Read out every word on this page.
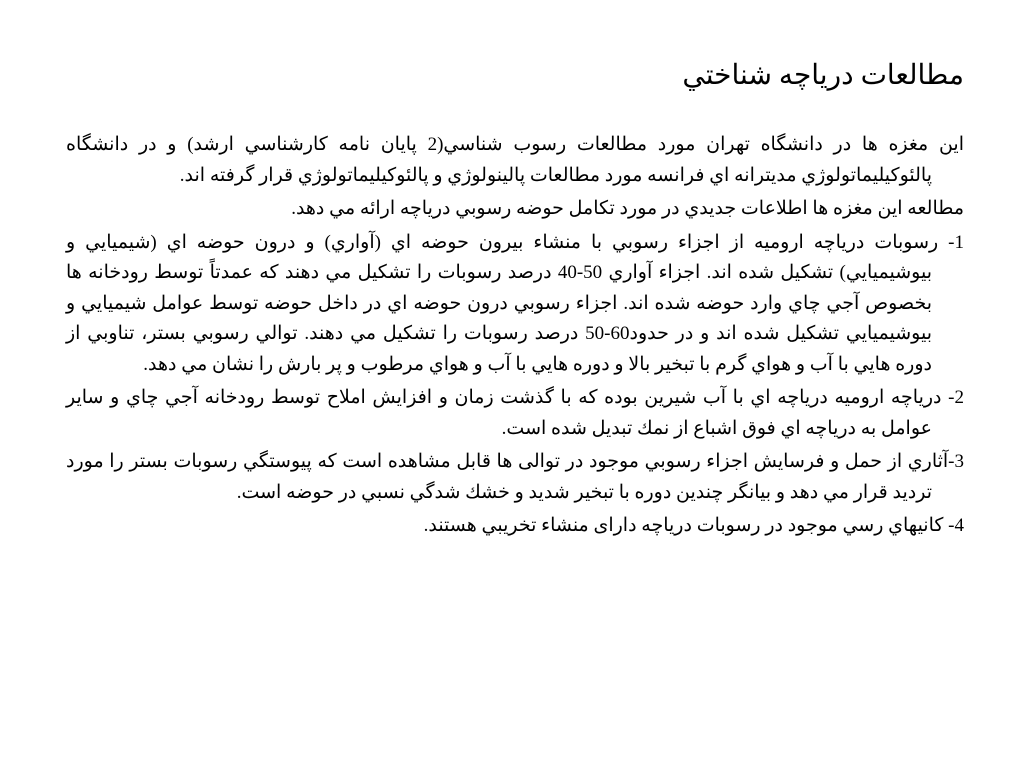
مطالعات درياچه شناختي

اين مغزه ها در دانشگاه تهران مورد مطالعات رسوب شناسي(2 پايان نامه كارشناسي ارشد) و در دانشگاه پالئوكيليماتولوژي مديترانه اي فرانسه مورد مطالعات پالينولوژي و پالئوكيليماتولوژي قرار گرفته اند.

مطالعه اين مغزه ها اطلاعات جديدي در مورد تكامل حوضه رسوبي درياچه ارائه مي دهد.

1- رسوبات درياچه اروميه از اجزاء رسوبي با منشاء بيرون حوضه اي (آواري) و درون حوضه اي (شيميايي و بيوشيميايي) تشكيل شده اند. اجزاء آواري 50-40 درصد رسوبات را تشكيل مي دهند كه عمدتاً توسط رودخانه ها بخصوص آجي چاي وارد حوضه شده اند. اجزاء رسوبي درون حوضه اي در داخل حوضه توسط عوامل شيميايي و بيوشيميايي تشكيل شده اند و در حدود60-50 درصد رسوبات را تشكيل مي دهند. توالي رسوبي بستر، تناوبي از دوره هايي با آب و هواي گرم با تبخير بالا و دوره هايي با آب و هواي مرطوب و پر بارش را نشان مي دهد.

2- درياچه اروميه درياچه اي با آب شيرين بوده كه با گذشت زمان و افزايش املاح توسط رودخانه آجي چاي و ساير عوامل به درياچه اي فوق اشباع از نمك تبديل شده است.

3-آثاري از حمل و فرسايش اجزاء رسوبي موجود در توالی ها قابل مشاهده است كه پيوستگي رسوبات بستر را مورد ترديد قرار مي دهد و بيانگر چندين دوره با تبخير شديد و خشك شدگي نسبي در حوضه است.

4- كانيهاي رسي موجود در رسوبات درياچه دارای منشاء تخريبي هستند.
